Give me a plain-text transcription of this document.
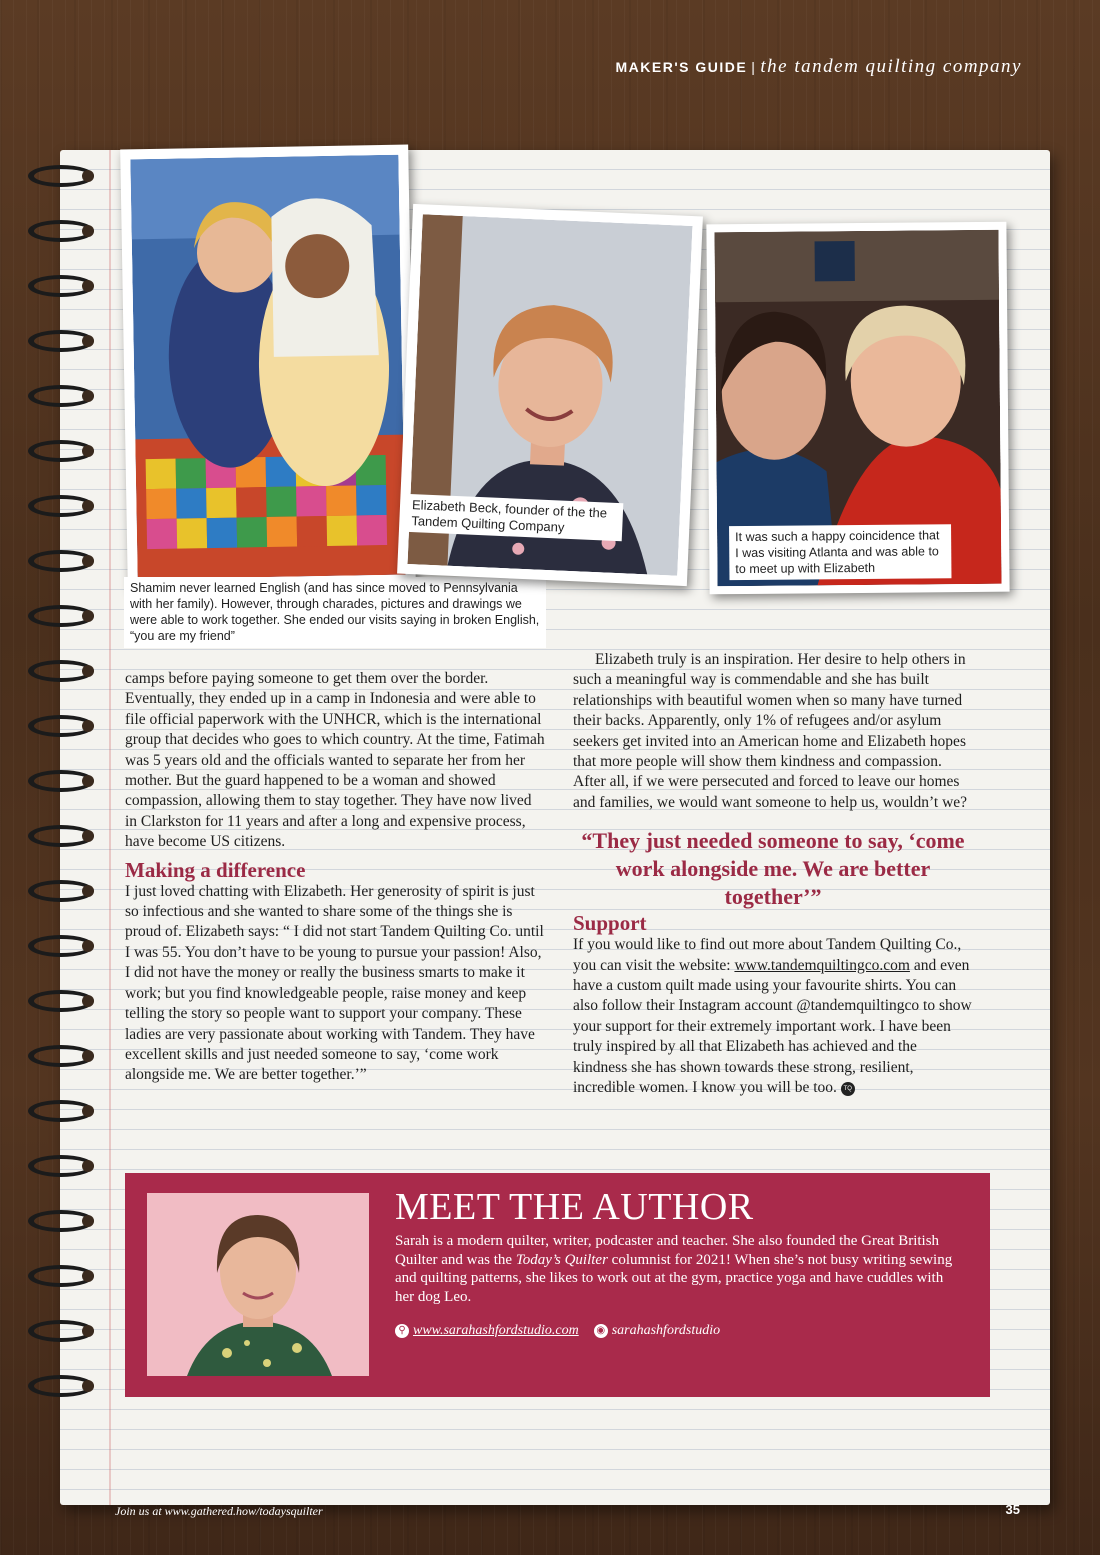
MAKER'S GUIDE | the tandem quilting company
Shamim never learned English (and has since moved to Pennsylvania with her family). However, through charades, pictures and drawings we were able to work together. She ended our visits saying in broken English, “you are my friend”
Elizabeth Beck, founder of the the Tandem Quilting Company
It was such a happy coincidence that I was visiting Atlanta and was able to to meet up with Elizabeth

camps before paying someone to get them over the border. Eventually, they ended up in a camp in Indonesia and were able to file official paperwork with the UNHCR, which is the international group that decides who goes to which country. At the time, Fatimah was 5 years old and the officials wanted to separate her from her mother. But the guard happened to be a woman and showed compassion, allowing them to stay together. They have now lived in Clarkston for 11 years and after a long and expensive process, have become US citizens.

Making a difference

I just loved chatting with Elizabeth. Her generosity of spirit is just so infectious and she wanted to share some of the things she is proud of. Elizabeth says: “ I did not start Tandem Quilting Co. until I was 55. You don’t have to be young to pursue your passion! Also, I did not have the money or really the business smarts to make it work; but you find knowledgeable people, raise money and keep telling the story so people want to support your company. These ladies are very passionate about working with Tandem. They have excellent skills and just needed someone to say, ‘come work alongside me. We are better together.’”

Elizabeth truly is an inspiration. Her desire to help others in such a meaningful way is commendable and she has built relationships with beautiful women when so many have turned their backs. Apparently, only 1% of refugees and/or asylum seekers get invited into an American home and Elizabeth hopes that more people will show them kindness and compassion. After all, if we were persecuted and forced to leave our homes and families, we would want someone to help us, wouldn’t we?

“They just needed someone to say, ‘come work alongside me. We are better together’”
Support

If you would like to find out more about Tandem Quilting Co., you can visit the website: www.tandemquiltingco.com and even have a custom quilt made using your favourite shirts. You can also follow their Instagram account @tandemquiltingco to show your support for their extremely important work. I have been truly inspired by all that Elizabeth has achieved and the kindness she has shown towards these strong, resilient, incredible women. I know you will be too. TQ

MEET THE AUTHOR

Sarah is a modern quilter, writer, podcaster and teacher. She also founded the Great British Quilter and was the Today’s Quilter columnist for 2021! When she’s not busy writing sewing and quilting patterns, she likes to work out at the gym, practice yoga and have cuddles with her dog Leo.

⚲ www.sarahashfordstudio.com ◉ sarahashfordstudio
Join us at www.gathered.how/todaysquilter	35
